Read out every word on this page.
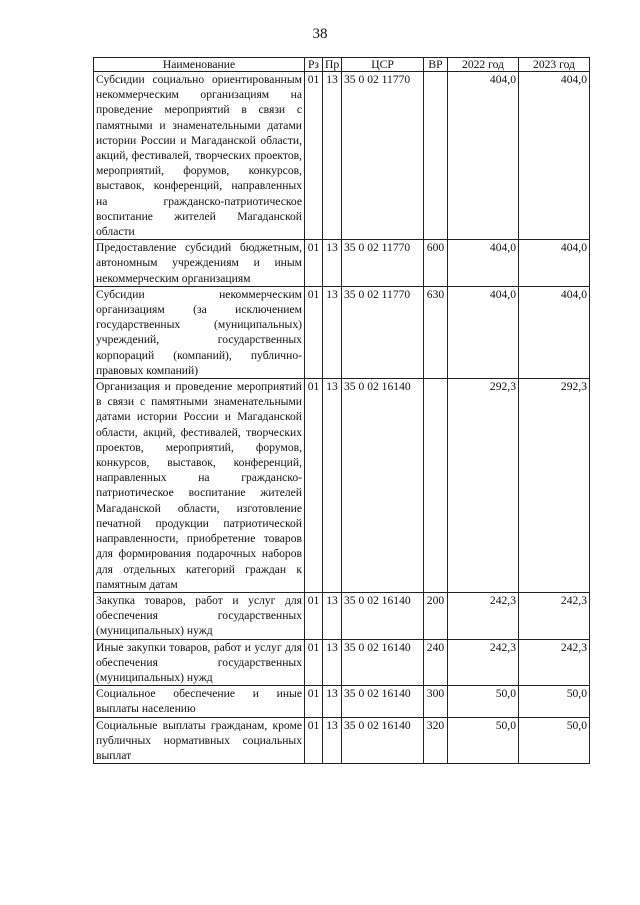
38
Наименование	Рз	Пр	ЦСР	ВР	2022 год	2023 год
Субсидии социально ориентированным некоммерческим организациям на проведение мероприятий в связи с памятными и знаменательными датами истории России и Магаданской области, акций, фестивалей, творческих проектов, мероприятий, форумов, конкурсов, выставок, конференций, направленных на гражданско-патриотическое воспитание жителей Магаданской области	01	13	35 0 02 11770		404,0	404,0
Предоставление субсидий бюджетным, автономным учреждениям и иным некоммерческим организациям	01	13	35 0 02 11770	600	404,0	404,0
Субсидии некоммерческим организациям (за исключением государственных (муниципальных) учреждений, государственных корпораций (компаний), публично-правовых компаний)	01	13	35 0 02 11770	630	404,0	404,0
Организация и проведение мероприятий в связи с памятными знаменательными датами истории России и Магаданской области, акций, фестивалей, творческих проектов, мероприятий, форумов, конкурсов, выставок, конференций, направленных на гражданско-патриотическое воспитание жителей Магаданской области, изготовление печатной продукции патриотической направленности, приобретение товаров для формирования подарочных наборов для отдельных категорий граждан к памятным датам	01	13	35 0 02 16140		292,3	292,3
Закупка товаров, работ и услуг для обеспечения государственных (муниципальных) нужд	01	13	35 0 02 16140	200	242,3	242,3
Иные закупки товаров, работ и услуг для обеспечения государственных (муниципальных) нужд	01	13	35 0 02 16140	240	242,3	242,3
Социальное обеспечение и иные выплаты населению	01	13	35 0 02 16140	300	50,0	50,0
Социальные выплаты гражданам, кроме публичных нормативных социальных выплат	01	13	35 0 02 16140	320	50,0	50,0
